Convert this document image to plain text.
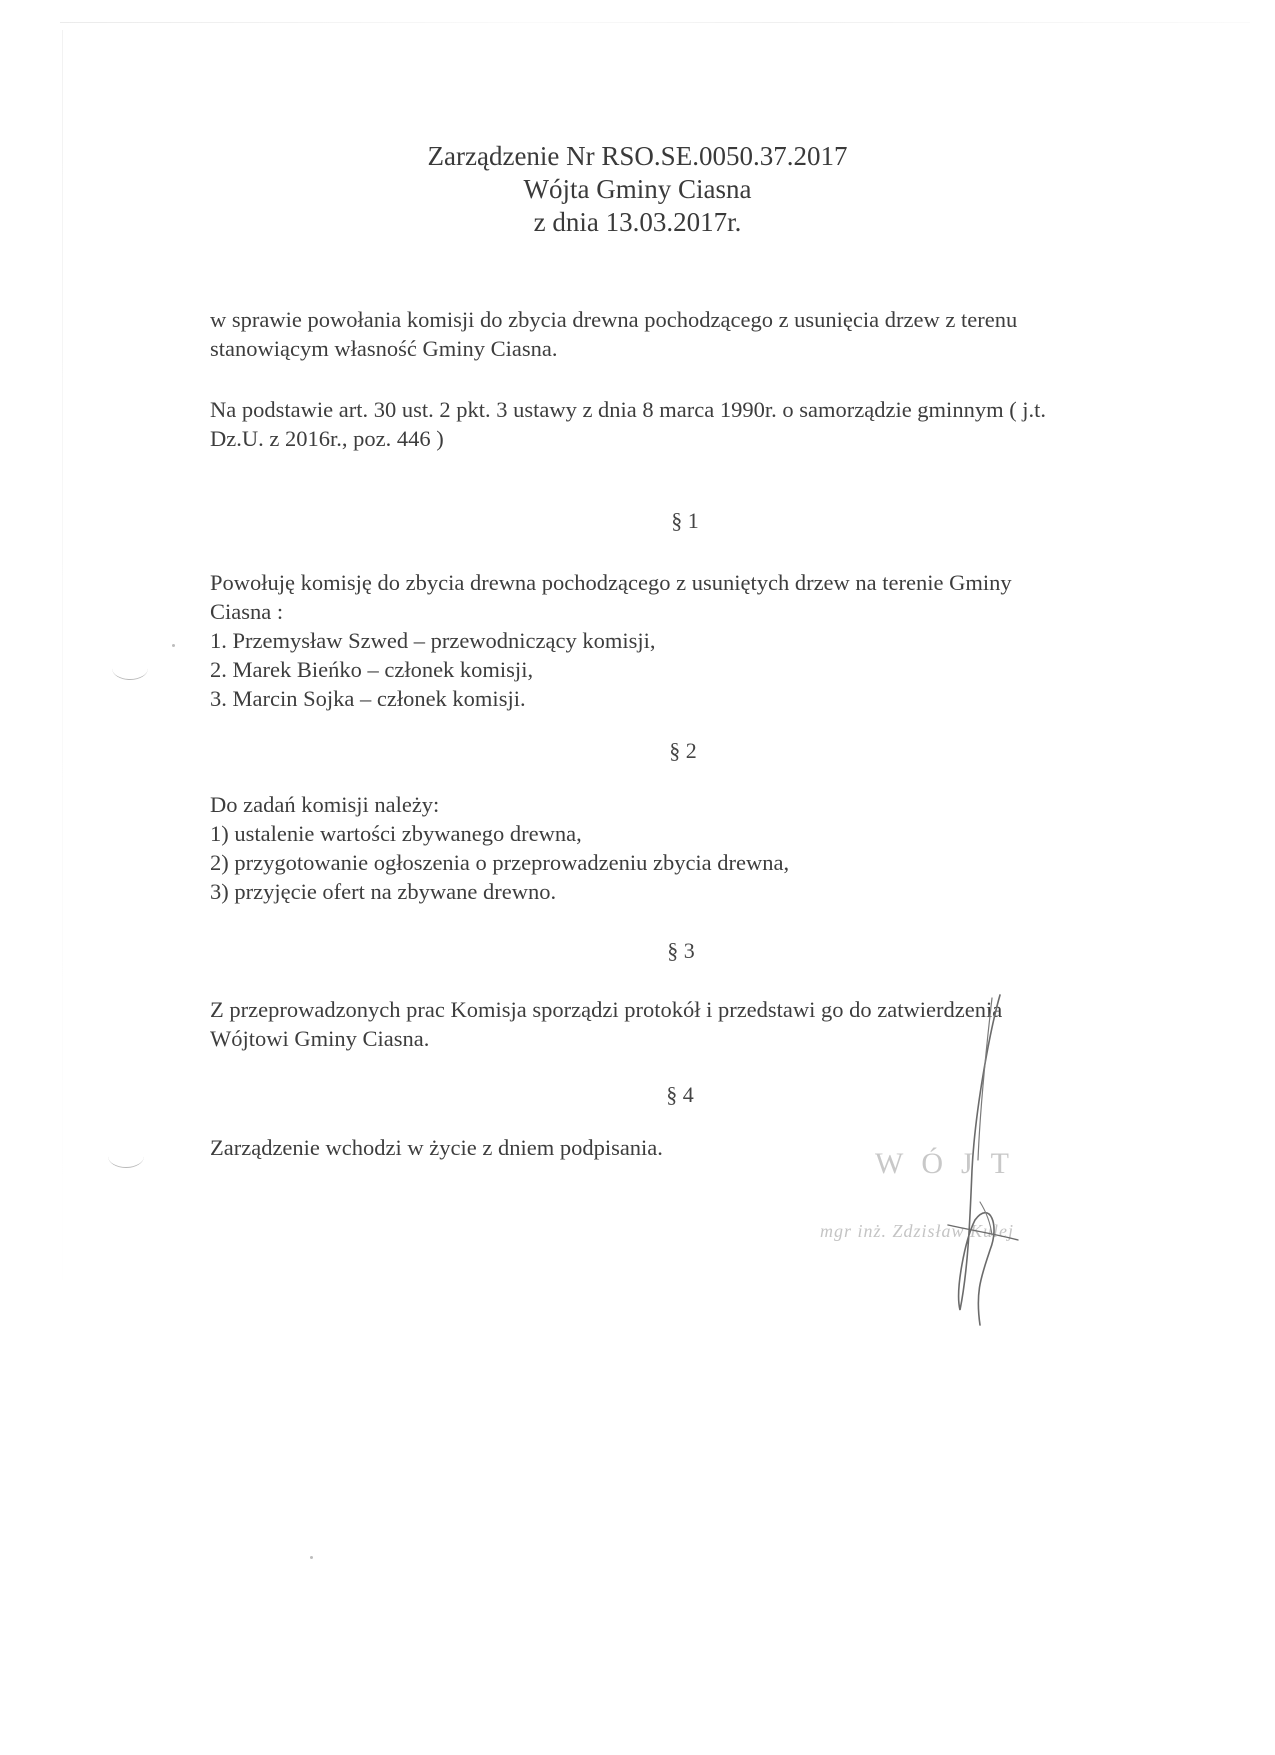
Zarządzenie Nr RSO.SE.0050.37.2017
Wójta Gminy Ciasna
z dnia 13.03.2017r.
w sprawie powołania komisji do zbycia drewna pochodzącego z usunięcia drzew z terenu
stanowiącym własność Gminy Ciasna.
Na podstawie art. 30 ust. 2 pkt. 3 ustawy z dnia 8 marca 1990r. o samorządzie gminnym ( j.t.
Dz.U. z 2016r., poz. 446 )
§ 1
Powołuję komisję do zbycia drewna pochodzącego z usuniętych drzew na terenie Gminy
Ciasna :
1. Przemysław Szwed – przewodniczący komisji,
2. Marek Bieńko – członek komisji,
3. Marcin Sojka – członek komisji.
§ 2
Do zadań komisji należy:
1) ustalenie wartości zbywanego drewna,
2) przygotowanie ogłoszenia o przeprowadzeniu zbycia drewna,
3) przyjęcie ofert na zbywane drewno.
§ 3
Z przeprowadzonych prac Komisja sporządzi protokół i przedstawi go do zatwierdzenia
Wójtowi Gminy Ciasna.
§ 4
Zarządzenie wchodzi w życie z dniem podpisania.	WÓJT
mgr inż. Zdzisław Kulej
